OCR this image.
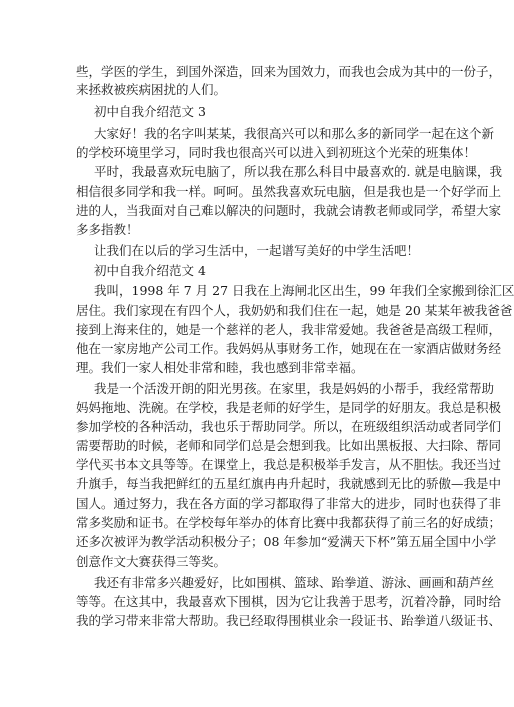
些，学医的学生，到国外深造，回来为国效力，而我也会成为其中的一份子，
来拯救被疾病困扰的人们。
初中自我介绍范文 3
大家好！我的名字叫某某，我很高兴可以和那么多的新同学一起在这个新
的学校环境里学习，同时我也很高兴可以进入到初班这个光荣的班集体！
平时，我最喜欢玩电脑了，所以我在那么科目中最喜欢的. 就是电脑课，我
相信很多同学和我一样。呵呵。虽然我喜欢玩电脑，但是我也是一个好学而上
进的人，当我面对自己难以解决的问题时，我就会请教老师或同学，希望大家
多多指教！
让我们在以后的学习生活中，一起谱写美好的中学生活吧！
初中自我介绍范文 4
我叫，1998 年 7 月 27 日我在上海闸北区出生，99 年我们全家搬到徐汇区
居住。我们家现在有四个人，我奶奶和我们住在一起，她是 20 某某年被我爸爸
接到上海来住的，她是一个慈祥的老人，我非常爱她。我爸爸是高级工程师，
他在一家房地产公司工作。我妈妈从事财务工作，她现在在一家酒店做财务经
理。我们一家人相处非常和睦，我也感到非常幸福。
我是一个活泼开朗的阳光男孩。在家里，我是妈妈的小帮手，我经常帮助
妈妈拖地、洗碗。在学校，我是老师的好学生，是同学的好朋友。我总是积极
参加学校的各种活动，我也乐于帮助同学。所以，在班级组织活动或者同学们
需要帮助的时候，老师和同学们总是会想到我。比如出黑板报、大扫除、帮同
学代买书本文具等等。在课堂上，我总是积极举手发言，从不胆怯。我还当过
升旗手，每当我把鲜红的五星红旗冉冉升起时，我就感到无比的骄傲—我是中
国人。通过努力，我在各方面的学习都取得了非常大的进步，同时也获得了非
常多奖励和证书。在学校每年举办的体育比赛中我都获得了前三名的好成绩；
还多次被评为教学活动积极分子；08 年参加“爱满天下杯”第五届全国中小学
创意作文大赛获得三等奖。
我还有非常多兴趣爱好，比如围棋、篮球、跆拳道、游泳、画画和葫芦丝
等等。在这其中，我最喜欢下围棋，因为它让我善于思考，沉着冷静，同时给
我的学习带来非常大帮助。我已经取得围棋业余一段证书、跆拳道八级证书、
